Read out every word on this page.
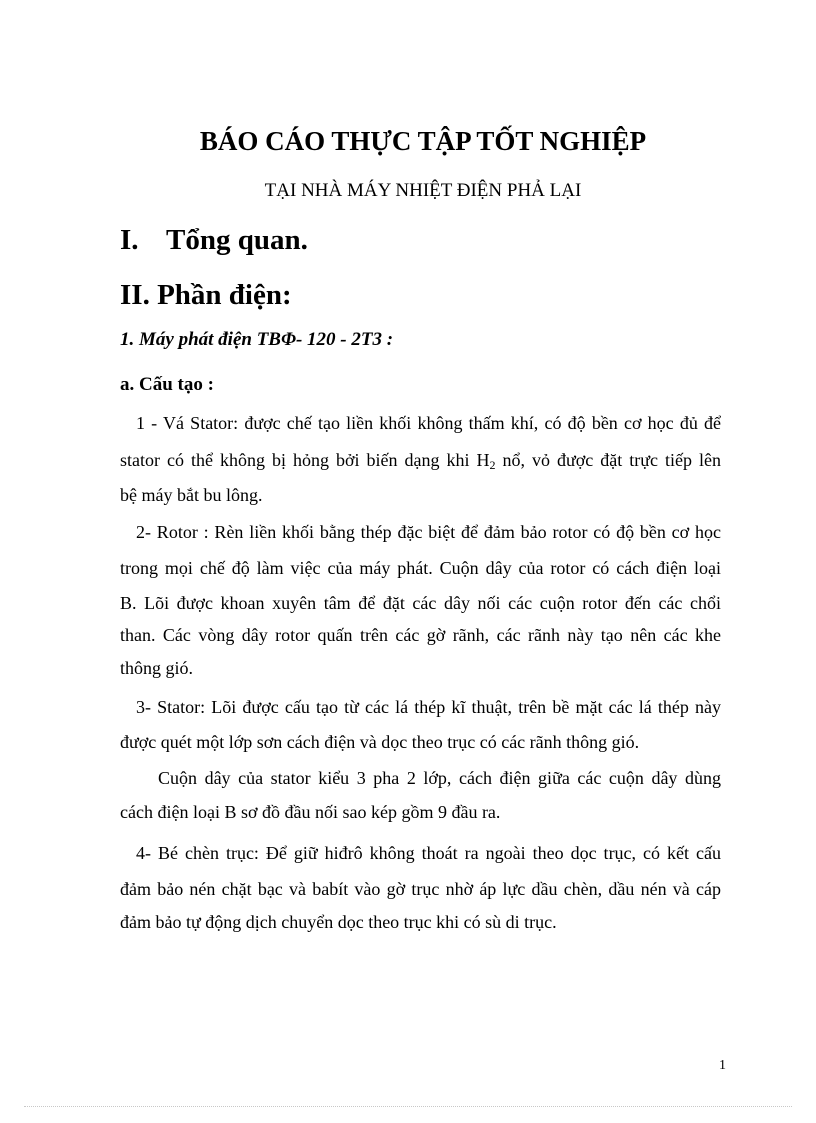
BÁO CÁO THỰC TẬP TỐT NGHIỆP
TẠI NHÀ MÁY NHIỆT ĐIỆN PHẢ LẠI
I. Tổng quan.
II. Phần điện:
1. Máy phát điện TBΦ- 120 - 2T3 :
a. Cấu tạo :
1 - Vá Stator: được chế tạo liền khối không thấm khí, có độ bền cơ học đủ để
stator có thể không bị hỏng bởi biến dạng khi $H_2$ nổ, vỏ được đặt trực tiếp lên
bệ máy bắt bu lông.
2- Rotor : Rèn liền khối bằng thép đặc biệt để đảm bảo rotor có độ bền cơ học
trong mọi chế độ làm việc của máy phát. Cuộn dây của rotor có cách điện loại
B. Lõi được khoan xuyên tâm để đặt các dây nối các cuộn rotor đến các chổi
than. Các vòng dây rotor quấn trên các gờ rãnh, các rãnh này tạo nên các khe
thông gió.
3- Stator: Lõi được cấu tạo từ các lá thép kĩ thuật, trên bề mặt các lá thép này
được quét một lớp sơn cách điện và dọc theo trục có các rãnh thông gió.
Cuộn dây của stator kiểu 3 pha 2 lớp, cách điện giữa các cuộn dây dùng
cách điện loại B sơ đồ đầu nối sao kép gồm 9 đầu ra.
4- Bé chèn trục: Để giữ hiđrô không thoát ra ngoài theo dọc trục, có kết cấu
đảm bảo nén chặt bạc và babít vào gờ trục nhờ áp lực dầu chèn, dầu nén và cáp
đảm bảo tự động dịch chuyển dọc theo trục khi có sù di trục.
1
